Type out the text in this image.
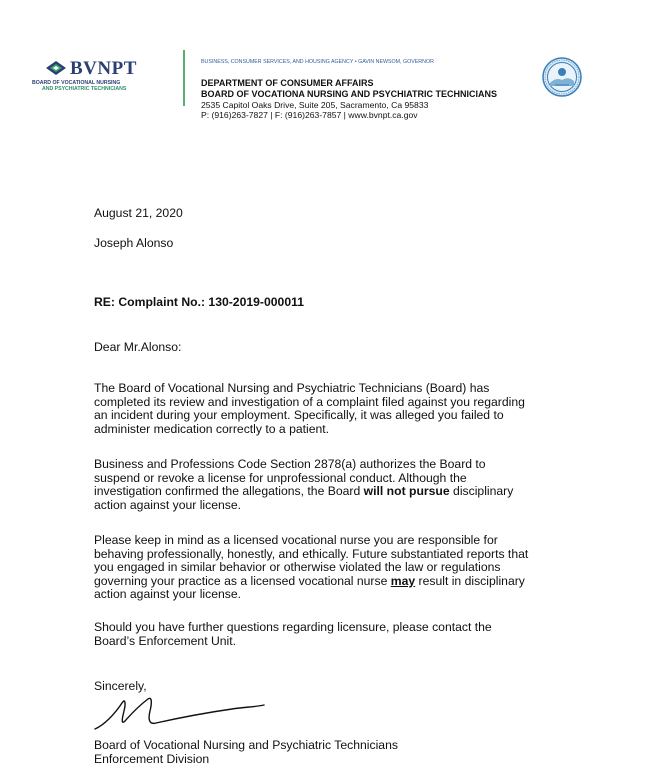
BVNPT
BOARD OF VOCATIONAL NURSING
AND PSYCHIATRIC TECHNICIANS
BUSINESS, CONSUMER SERVICES, AND HOUSING AGENCY • GAVIN NEWSOM, GOVERNOR
DEPARTMENT OF CONSUMER AFFAIRS
BOARD OF VOCATIONA NURSING AND PSYCHIATRIC TECHNICIANS
2535 Capitol Oaks Drive, Suite 205, Sacramento, Ca 95833
P: (916)263-7827 | F: (916)263-7857 | www.bvnpt.ca.gov
August 21, 2020
Joseph Alonso
RE: Complaint No.: 130-2019-000011
Dear Mr.Alonso:
The Board of Vocational Nursing and Psychiatric Technicians (Board) has
completed its review and investigation of a complaint filed against you regarding
an incident during your employment. Specifically, it was alleged you failed to
administer medication correctly to a patient.
Business and Professions Code Section 2878(a) authorizes the Board to
suspend or revoke a license for unprofessional conduct. Although the
investigation confirmed the allegations, the Board will not pursue disciplinary
action against your license.
Please keep in mind as a licensed vocational nurse you are responsible for
behaving professionally, honestly, and ethically. Future substantiated reports that
you engaged in similar behavior or otherwise violated the law or regulations
governing your practice as a licensed vocational nurse may result in disciplinary
action against your license.
Should you have further questions regarding licensure, please contact the
Board’s Enforcement Unit.
Sincerely,
Board of Vocational Nursing and Psychiatric Technicians
Enforcement Division
